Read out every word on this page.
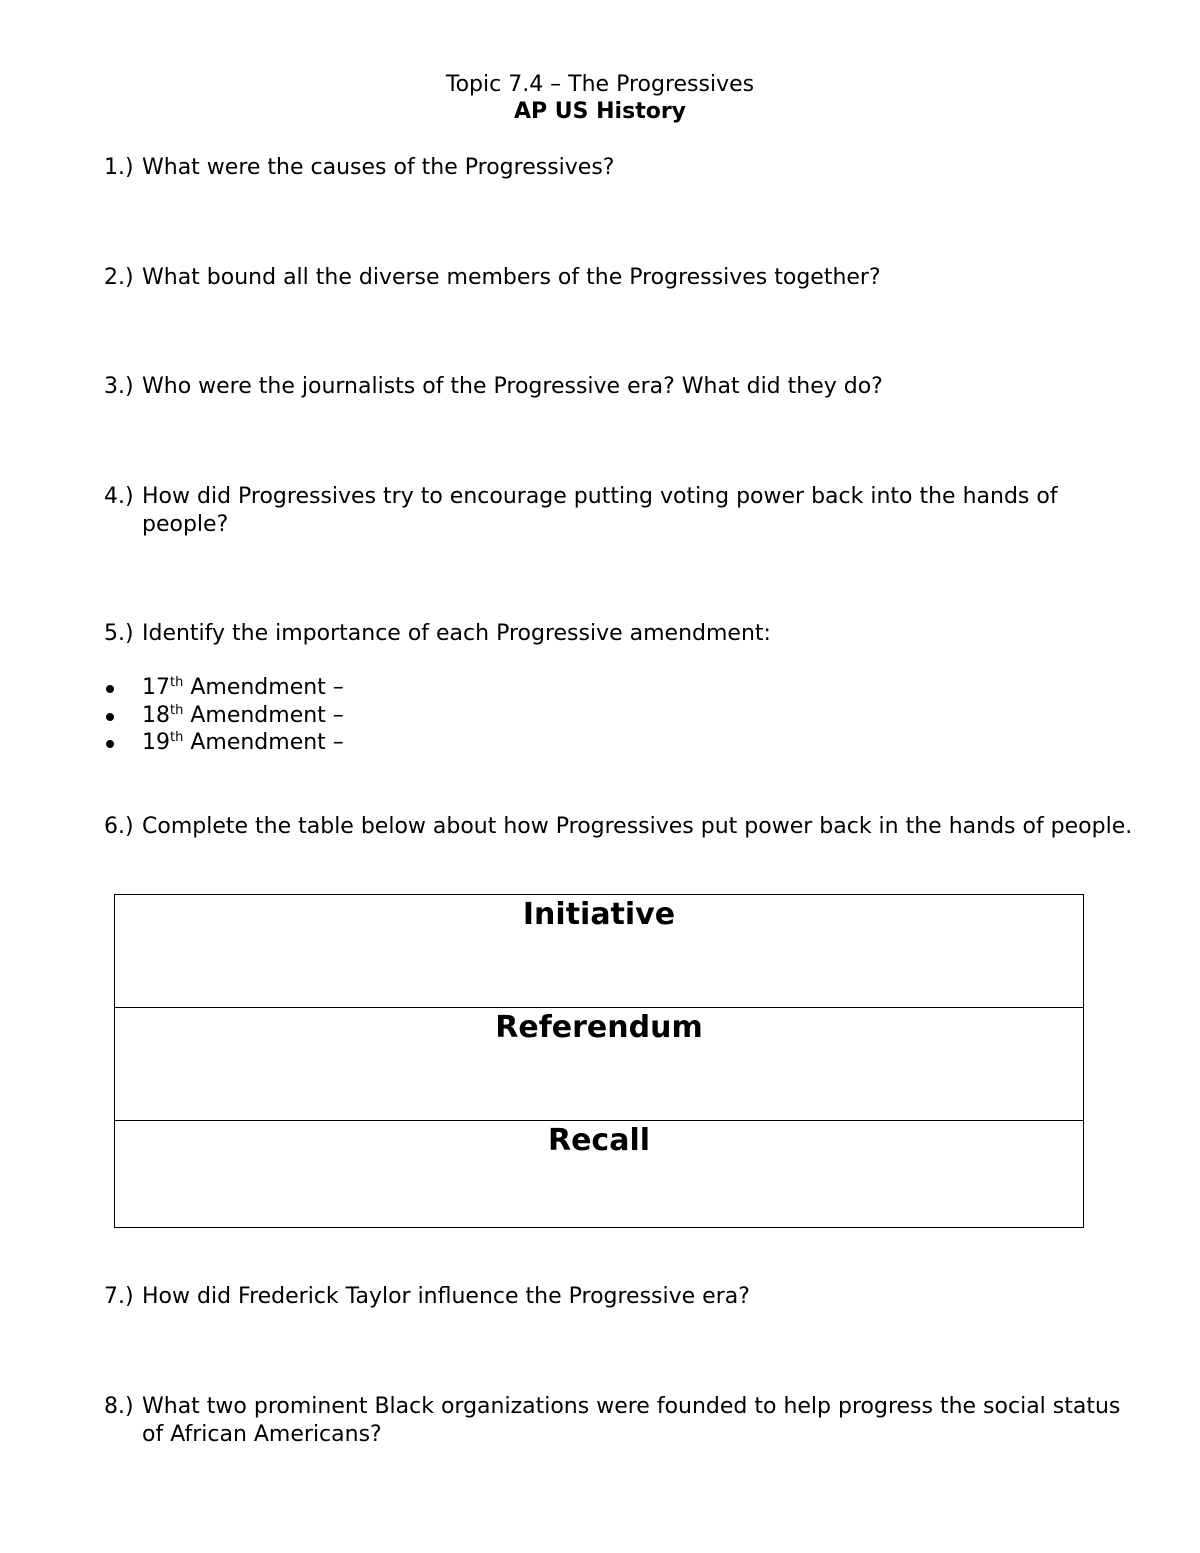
Topic 7.4 – The Progressives
AP US History
1.) What were the causes of the Progressives?
2.) What bound all the diverse members of the Progressives together?
3.) Who were the journalists of the Progressive era? What did they do?
4.) How did Progressives try to encourage putting voting power back into the hands of people?
5.) Identify the importance of each Progressive amendment:
17th Amendment –
18th Amendment –
19th Amendment –
6.) Complete the table below about how Progressives put power back in the hands of people.
Initiative
Referendum
Recall
7.) How did Frederick Taylor influence the Progressive era?
8.) What two prominent Black organizations were founded to help progress the social status of African Americans?
